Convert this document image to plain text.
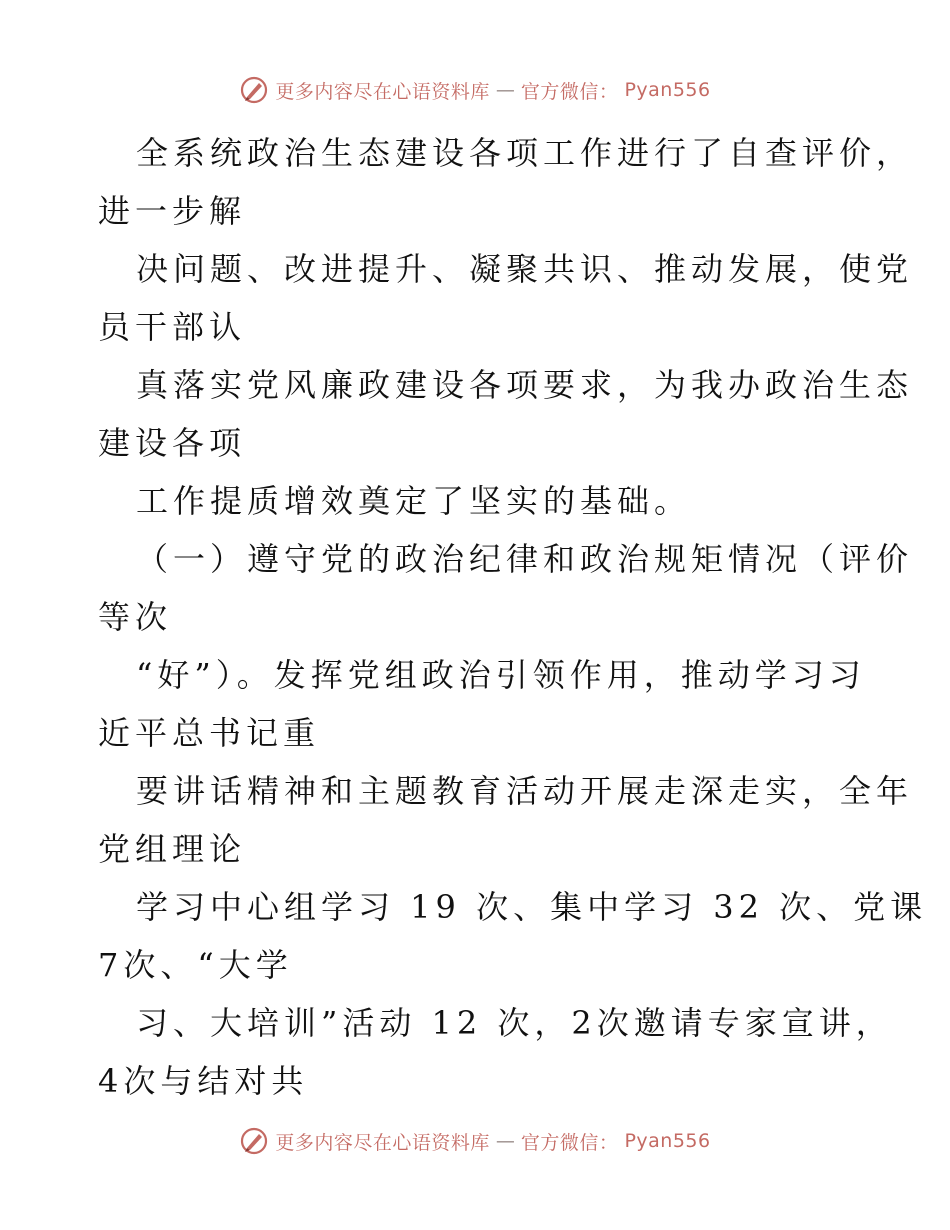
更多内容尽在心语资料库 — 官方微信： Pyan556
全系统政治生态建设各项工作进行了自查评价，
进一步解
决问题、改进提升、凝聚共识、推动发展，使党
员干部认
真落实党风廉政建设各项要求，为我办政治生态
建设各项
工作提质增效奠定了坚实的基础。
（一）遵守党的政治纪律和政治规矩情况（评价
等次
“好”）。发挥党组政治引领作用，推动学习习
近平总书记重
要讲话精神和主题教育活动开展走深走实，全年
党组理论
学习中心组学习 19 次、集中学习 32 次、党课
7次、“大学
习、大培训”活动 12 次，2次邀请专家宣讲，
4次与结对共
更多内容尽在心语资料库 — 官方微信： Pyan556
